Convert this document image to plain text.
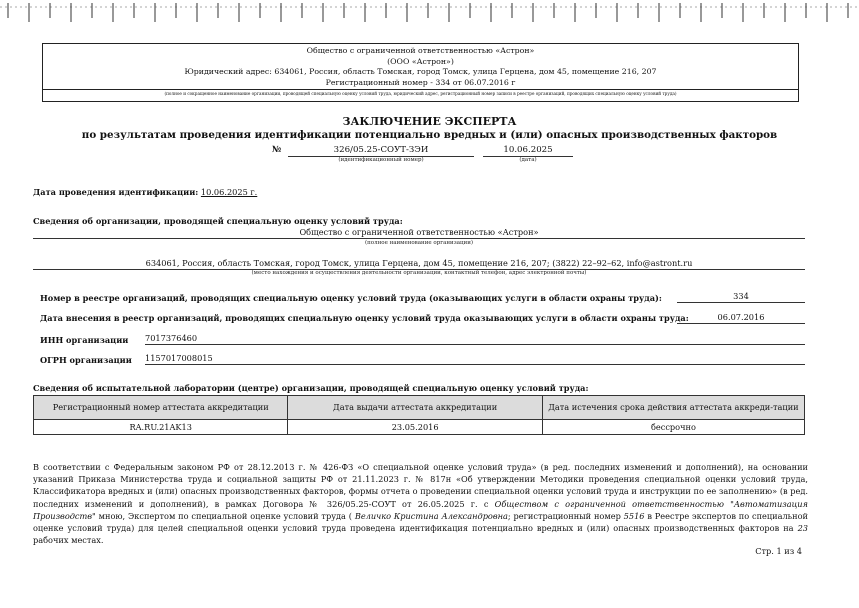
Общество с ограниченной ответственностью «Астрон»
(ООО «Астрон»)
Юридический адрес: 634061, Россия, область Томская, город Томск, улица Герцена, дом 45, помещение 216, 207
Регистрационный номер - 334 от 06.07.2016 г
(полное и сокращенное наименование организации, проводящей специальную оценку условий труда, юридический адрес, регистрационный номер записи в реестре организаций, проводящих специальную оценку условий труда)
ЗАКЛЮЧЕНИЕ ЭКСПЕРТА
по результатам проведения идентификации потенциально вредных и (или) опасных производственных факторов
№	326/05.25-СОУТ-ЗЭИ
(идентификационный номер)
10.06.2025
(дата)
Дата проведения идентификации: 10.06.2025 г.
Сведения об организации, проводящей специальную оценку условий труда:
Общество с ограниченной ответственностью «Астрон»
(полное наименование организации)
634061, Россия, область Томская, город Томск, улица Герцена, дом 45, помещение 216, 207; (3822) 22–92–62, info@astront.ru
(место нахождения и осуществления деятельности организации, контактный телефон, адрес электронной почты)
Номер в реестре организаций, проводящих специальную оценку условий труда (оказывающих услуги в области охраны труда):	334
Дата внесения в реестр организаций, проводящих специальную оценку условий труда оказывающих услуги в области охраны труда:	06.07.2016
ИНН организации 7017376460
ОГРН организации 1157017008015
Сведения об испытательной лаборатории (центре) организации, проводящей специальную оценку условий труда:
Регистрационный номер аттестата аккредитации	Дата выдачи аттестата аккредитации	Дата истечения срока действия аттестата аккреди-тации
RA.RU.21AK13	23.05.2016	бессрочно
В соответствии с Федеральным законом РФ от 28.12.2013 г. № 426-ФЗ «О специальной оценке условий труда» (в ред. последних изменений и дополнений), на основании указаний Приказа Министерства труда и социальной защиты РФ от 21.11.2023 г. № 817н «Об утверждении Методики проведения специальной оценки условий труда, Классификатора вредных и (или) опасных производственных факторов, формы отчета о проведении специальной оценки условий труда и инструкции по ее заполнению» (в ред. последних изменений и дополнений), в рамках Договора № 326/05.25-СОУТ от 26.05.2025 г. с Обществом с ограниченной ответственностью "Автоматизация Производств" мною, Экспертом по специальной оценке условий труда ( Величко Кристина Александровна; регистрационный номер 5516 в Реестре экспертов по специальной оценке условий труда) для целей специальной оценки условий труда проведена идентификация потенциально вредных и (или) опасных производственных факторов на 23 рабочих местах.
Стр. 1 из 4
